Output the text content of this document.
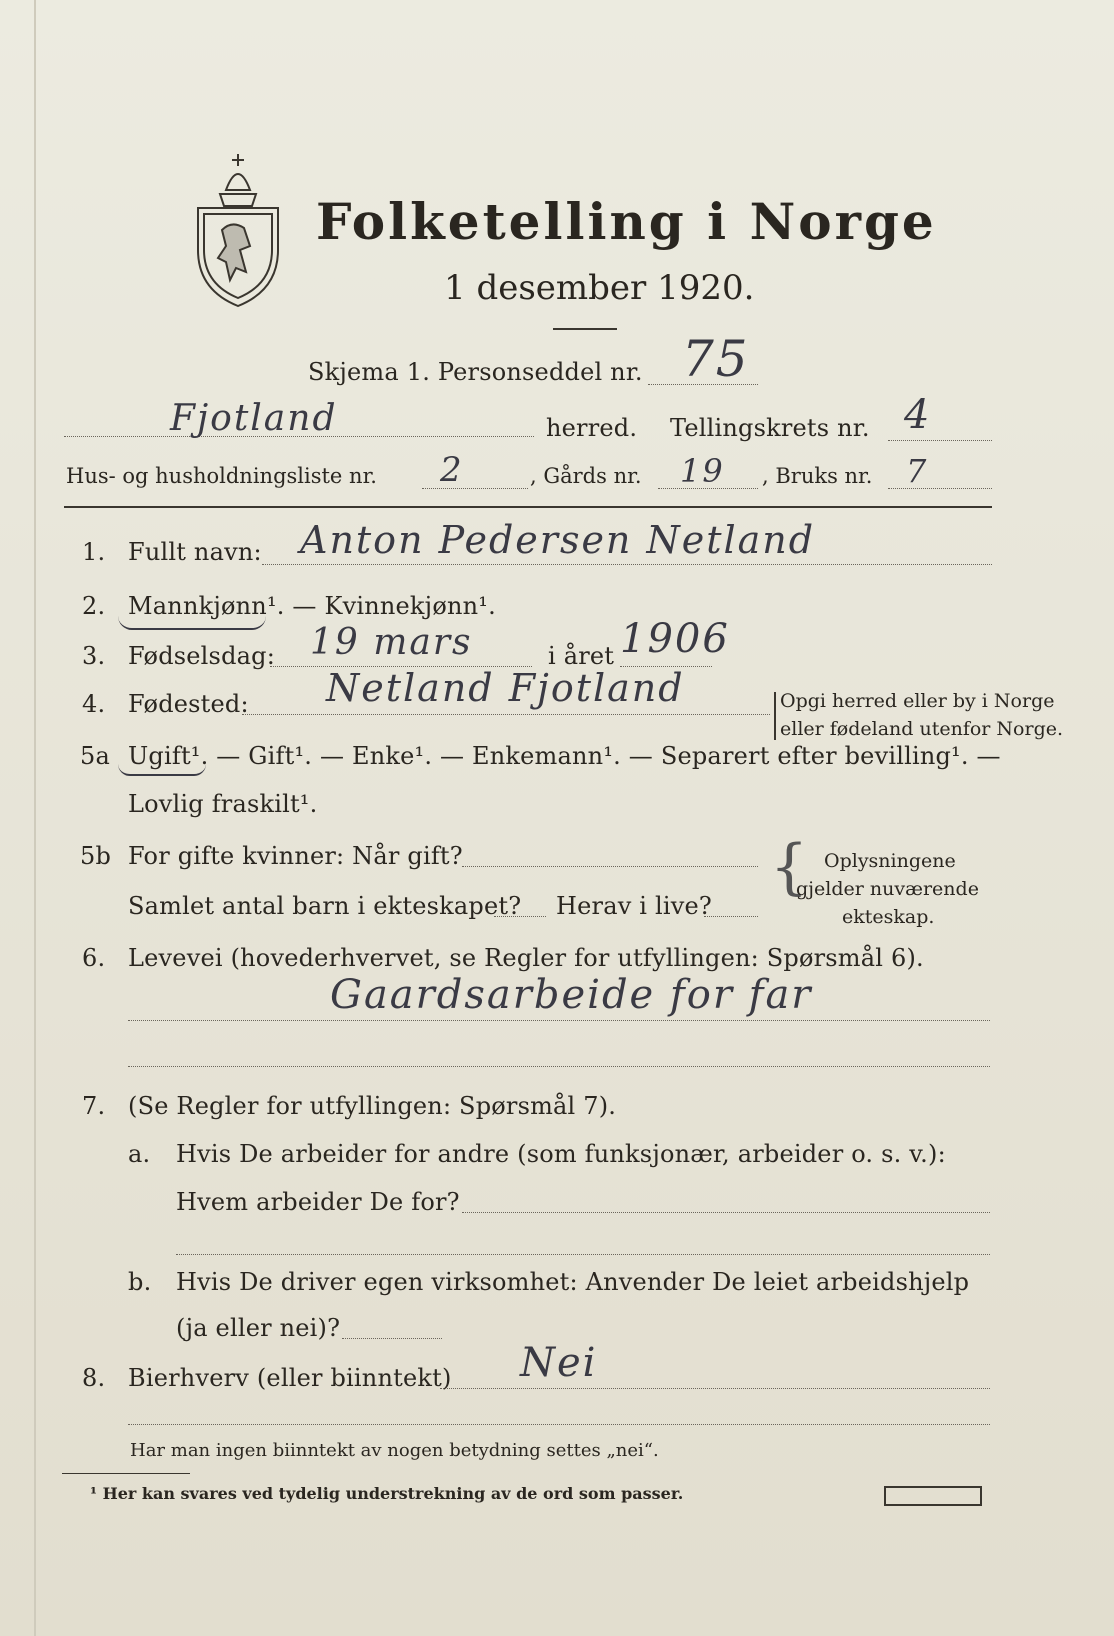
Folketelling i Norge
1 desember 1920.
Skjema 1. Personseddel nr. 75
Fjotland	herred. Tellingskrets nr. 4
Hus- og husholdningsliste nr. 2	, Gårds nr. 19 , Bruks nr. 7
1. Fullt navn: Anton Pedersen Netland
2. Mannkjønn¹. — Kvinnekjønn¹.
3. Fødselsdag: 19 mars	i året 1906
4. Fødested: Netland Fjotland	Opgi herred eller by i Norge
eller fødeland utenfor Norge.
5a Ugift¹. — Gift¹. — Enke¹. — Enkemann¹. — Separert efter bevilling¹. —
Lovlig fraskilt¹.
5b For gifte kvinner: Når gift?
Samlet antal barn i ekteskapet? Herav i live?
{ Oplysningene
gjelder nuværende
ekteskap.
6. Levevei (hovederhvervet, se Regler for utfyllingen: Spørsmål 6).
Gaardsarbeide for far
7. (Se Regler for utfyllingen: Spørsmål 7).
a. Hvis De arbeider for andre (som funksjonær, arbeider o. s. v.):
Hvem arbeider De for?
b. Hvis De driver egen virksomhet: Anvender De leiet arbeidshjelp
(ja eller nei)?
8. Bierhverv (eller biinntekt) Nei
Har man ingen biinntekt av nogen betydning settes „nei“.
¹ Her kan svares ved tydelig understrekning av de ord som passer.
